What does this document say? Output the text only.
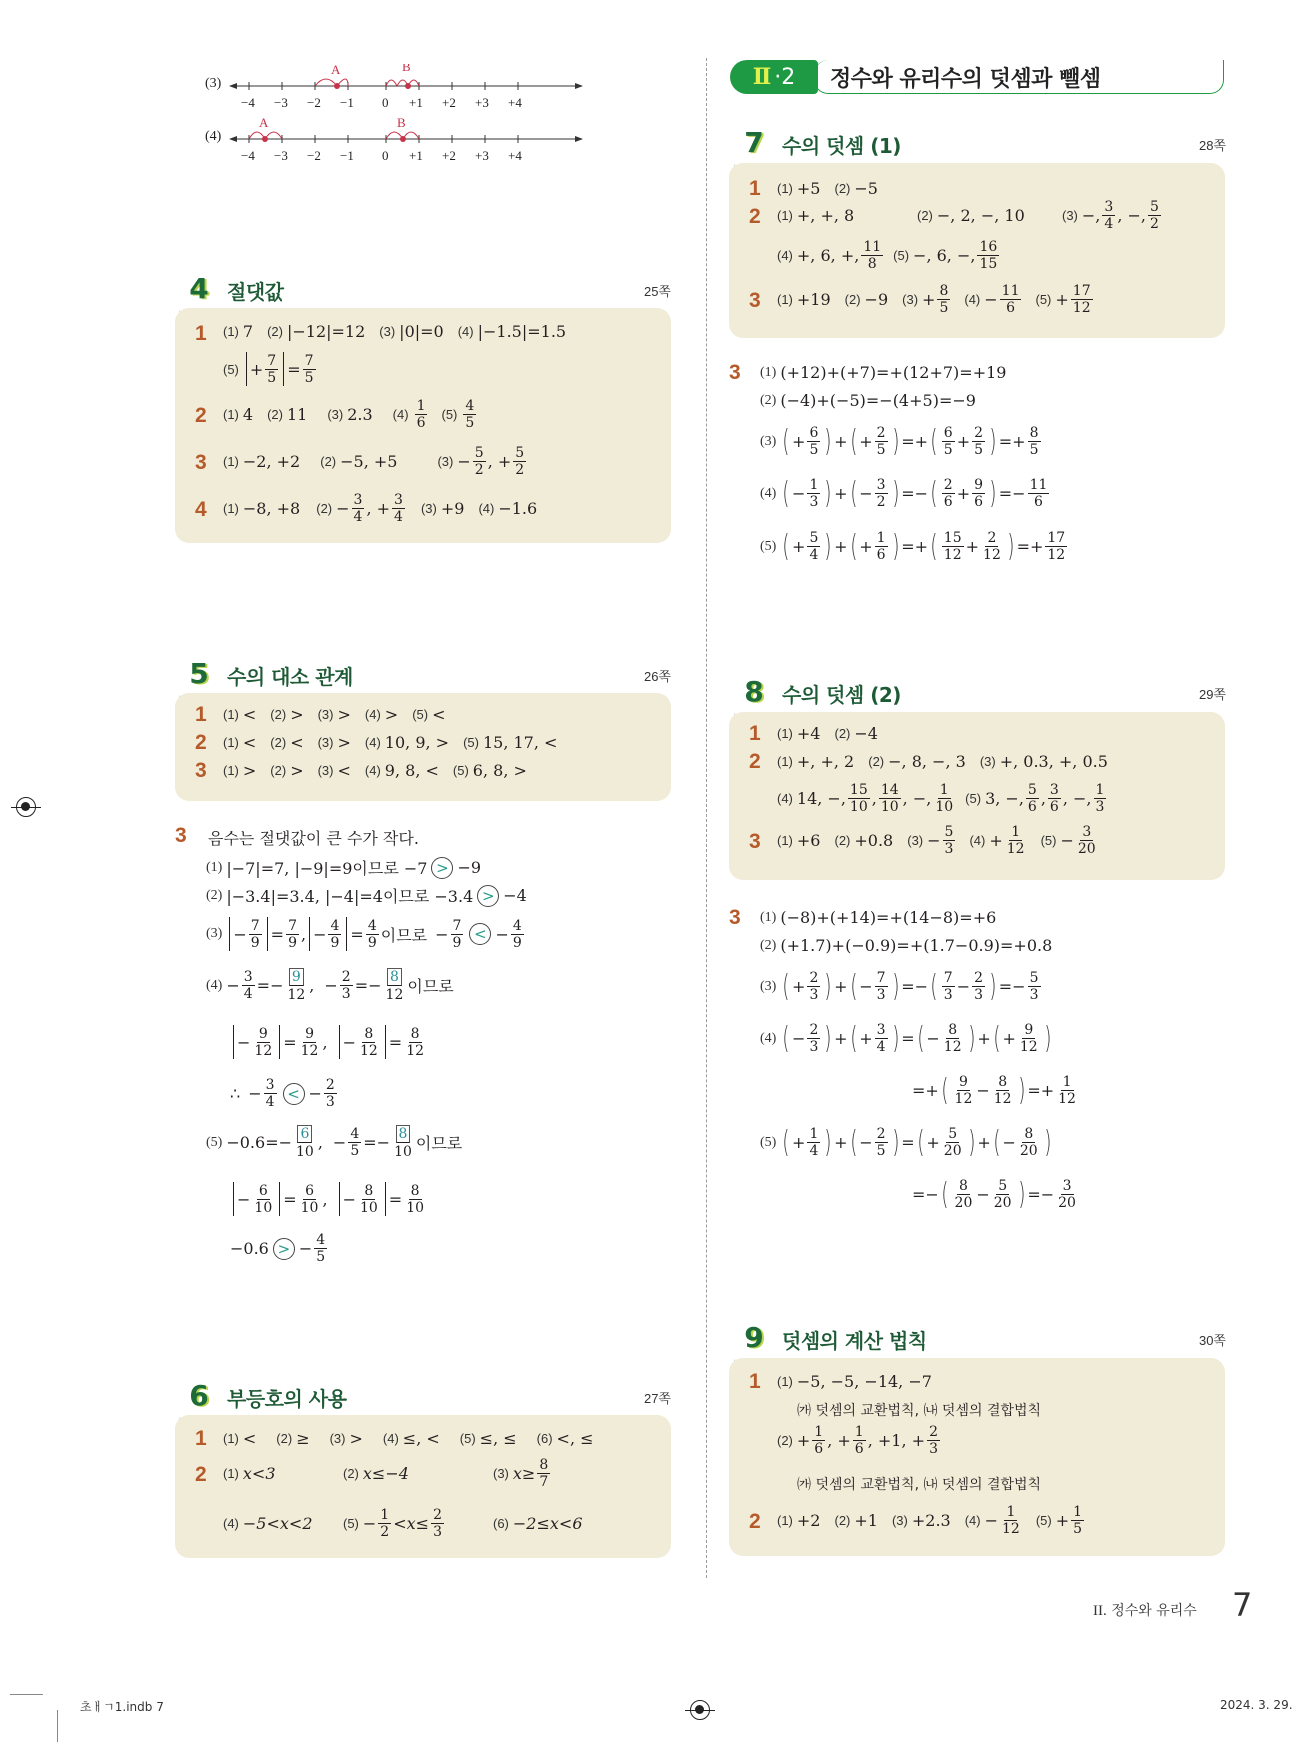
(3)
A	B
−4 −3 −2 −1 0 +1 +2 +3 +4
(4)
A	B
−4 −3 −2 −1 0 +1 +2 +3 +4
4 절댓값	25쪽
1 (1) 7 (2) |−12|=12 (3) |0|=0 (4) |−1.5|=1.5
$(5) + \frac{7}{5} = \frac{7}{5}$
2 (1) 4 (2) 11 (3) 2.3 $(4) \frac{1}{6} (5) \frac{4}{5}$
3 (1) −2, +2 (2) −5, +5	$(3) - \frac{5}{2}$ , + $\frac{5}{2}$
4 (1) −8, +8 $(2) - \frac{3}{4}$ , + $\frac{3}{4} (3) +9$ (4) −1.6
5 수의 대소 관계	26쪽
1 (1) < (2) > (3) > (4) > (5) <
2 (1) < (2) < (3) > (4) 10, 9, > (5) 15, 17, <
3 (1) > (2) > (3) < (4) 9, 8, < (5) 6, 8, >
3 음수는 절댓값이 큰 수가 작다.
(1) |−7|=7, |−9|=9이므로 −7 > −9
(2) |−3.4|=3.4, |−4|=4이므로 −3.4 > −4
$(3) - \frac{7}{9} = \frac{7}{9}$ , − $\frac{4}{9} = \frac{4}{9}$ 이므로 − $\frac{7}{9}$ < − $\frac{4}{9}$
$(4) - \frac{3}{4} =- \frac{9}{12}$ , − $\frac{2}{3} =- \frac{8}{12}$ 이므로
− $\frac{9}{12} = \frac{9}{12}$ , − $\frac{8}{12} = \frac{8}{12}$
∴ − $\frac{3}{4}$ < − $\frac{2}{3}$
$(5) -0.6 =- \frac{6}{10}$ , − $\frac{4}{5} =- \frac{8}{10}$ 이므로
− $\frac{6}{10} = \frac{6}{10}$ , − $\frac{8}{10} = \frac{8}{10}$
−0.6 > − $\frac{4}{5}$
6 부등호의 사용	27쪽
1 (1) < (2) ≥ (3) > (4) ≤, < (5) ≤, ≤ (6) <, ≤
2 (1) x<3	(2) x≤−4	(3) $x\ge \frac{8}{7}$
(4) −5<x<2 $(5) - \frac{1}{2} <x\le \frac{2}{3}$	(6) −2≤x<6
Ⅱ · 2 정수와 유리수의 덧셈과 뺄셈
7 수의 덧셈 (1)	28쪽
1 (1) +5 (2) −5
2 (1) +, +, 8	(2) −, 2, −, 10	(3) −, $\frac{3}{4}$ , −, $\frac{5}{2}$
(4) +, 6, +, $\frac{11}{8} (5)$ −, 6, −, $\frac{16}{15}$
3 (1) +19 (2) −9 $(3) + \frac{8}{5} (4) - \frac{11}{6} (5) + \frac{17}{12}$
3 (1) (+12)+(+7)=+(12+7)=+19
(2) (−4)+(−5)=−(4+5)=−9
(3) ( + $\frac{6}{5}$ ) + ( + $\frac{2}{5}$ ) =+ ( $\frac{6}{5} + \frac{2}{5}$ ) =+ $\frac{8}{5}$
(4) ( − $\frac{1}{3}$ ) + ( − $\frac{3}{2}$ ) =− ( $\frac{2}{6} + \frac{9}{6}$ ) =− $\frac{11}{6}$
(5) ( + $\frac{5}{4}$ ) + ( + $\frac{1}{6}$ ) =+ ( $\frac{15}{12} + \frac{2}{12}$ ) =+ $\frac{17}{12}$
8 수의 덧셈 (2)	29쪽
1 (1) +4 (2) −4
2 (1) +, +, 2 (2) −, 8, −, 3 (3) +, 0.3, +, 0.5
(4) 14, −, $\frac{15}{10}$ , $\frac{14}{10}$ , −, $\frac{1}{10} (5)$ 3, −, $\frac{5}{6}$ , $\frac{3}{6}$ , −, $\frac{1}{3}$
3 (1) +6 (2) +0.8 $(3) - \frac{5}{3} (4) + \frac{1}{12} (5) - \frac{3}{20}$
3 (1) (−8)+(+14)=+(14−8)=+6
(2) (+1.7)+(−0.9)=+(1.7−0.9)=+0.8
(3) ( + $\frac{2}{3}$ ) + ( − $\frac{7}{3}$ ) =− ( $\frac{7}{3} - \frac{2}{3}$ ) =− $\frac{5}{3}$
(4) ( − $\frac{2}{3}$ ) + ( + $\frac{3}{4}$ ) = ( − $\frac{8}{12}$ ) + ( + $\frac{9}{12}$ )
=+ ( $\frac{9}{12} - \frac{8}{12}$ ) =+ $\frac{1}{12}$
(5) ( + $\frac{1}{4}$ ) + ( − $\frac{2}{5}$ ) = ( + $\frac{5}{20}$ ) + ( − $\frac{8}{20}$ )
=− ( $\frac{8}{20} - \frac{5}{20}$ ) =− $\frac{3}{20}$
9 덧셈의 계산 법칙	30쪽
1 (1) −5, −5, −14, −7
㈎ 덧셈의 교환법칙, ㈏ 덧셈의 결합법칙
$(2) + \frac{1}{6}$ , + $\frac{1}{6}$ , +1, + $\frac{2}{3}$
㈎ 덧셈의 교환법칙, ㈏ 덧셈의 결합법칙
2 (1) +2 (2) +1 (3) +2.3 $(4) - \frac{1}{12} (5) + \frac{1}{5}$
II. 정수와 유리수 7
초ㅐㄱ1.indb 7	2024. 3. 29.
